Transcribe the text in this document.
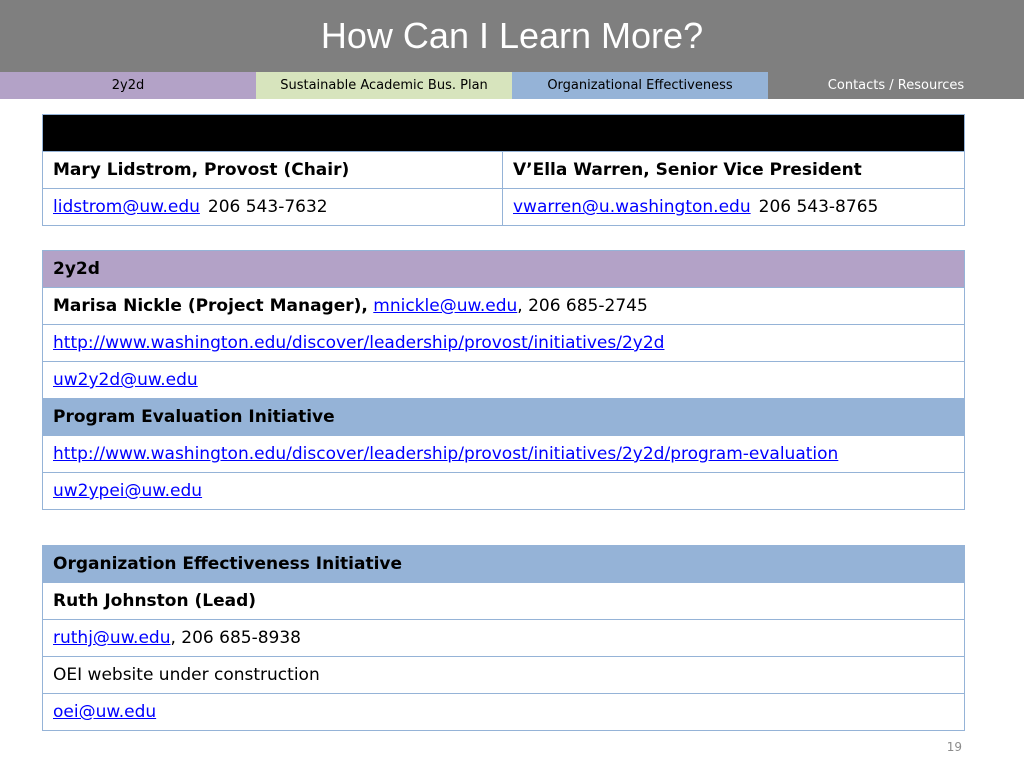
How Can I Learn More?
2y2d	Sustainable Academic Bus. Plan	Organizational Effectiveness	Contacts / Resources
Executive Leadership	
Mary Lidstrom, Provost (Chair)	V’Ella Warren, Senior Vice President
lidstrom@uw.edu 206 543-7632	vwarren@u.washington.edu 206 543-8765
2y2d
Marisa Nickle (Project Manager), mnickle@uw.edu, 206 685-2745
http://www.washington.edu/discover/leadership/provost/initiatives/2y2d
uw2y2d@uw.edu
Program Evaluation Initiative
http://www.washington.edu/discover/leadership/provost/initiatives/2y2d/program-evaluation
uw2ypei@uw.edu
Organization Effectiveness Initiative
Ruth Johnston (Lead)
ruthj@uw.edu, 206 685-8938
OEI website under construction
oei@uw.edu
19
